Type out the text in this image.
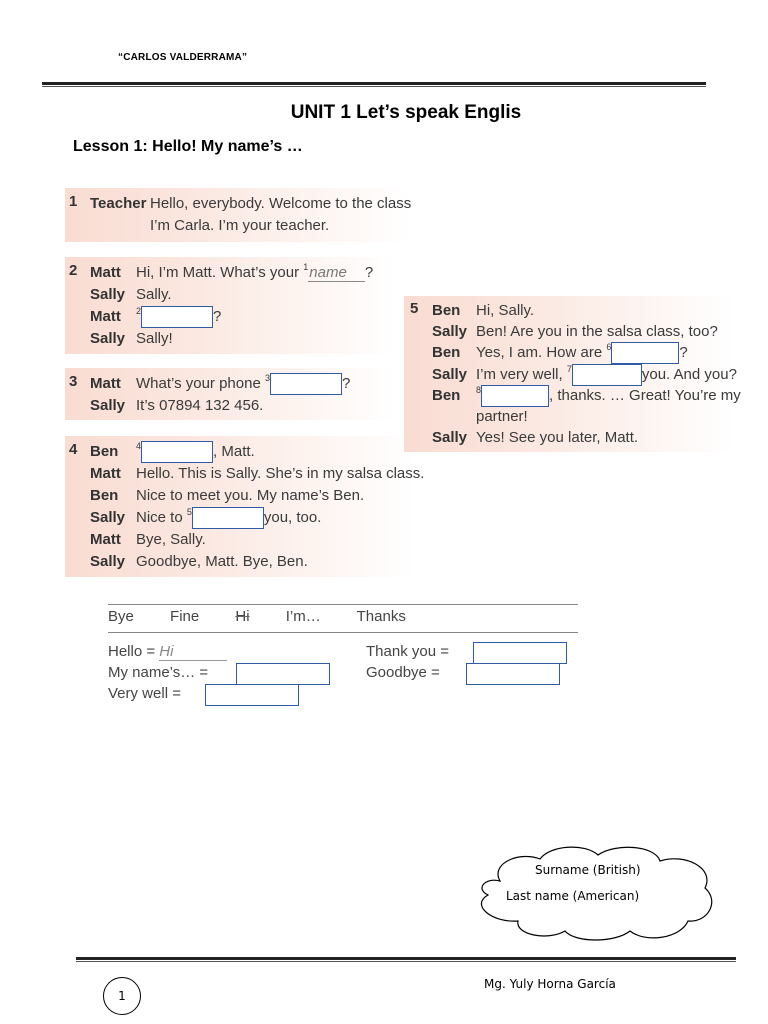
“CARLOS VALDERRAMA”
UNIT 1 Let’s speak Englis
Lesson 1: Hello! My name’s …
1 Teacher Hello, everybody. Welcome to the class
I’m Carla. I’m your teacher.
2 Matt Hi, I’m Matt. What’s your $^1$name ?
Sally Sally.
Matt $^2$	?
Sally Sally!
3 Matt What’s your phone $^3$	?
Sally It’s 07894 132 456.
4 Ben $^4$	, Matt.
Matt Hello. This is Sally. She’s in my salsa class.
Ben Nice to meet you. My name’s Ben.
Sally Nice to $^5$	you, too.
Matt Bye, Sally.
Sally Goodbye, Matt. Bye, Ben.
5 Ben Hi, Sally.
Sally Ben! Are you in the salsa class, too?
Ben Yes, I am. How are $^6$	?
Sally I’m very well, $^7$	you. And you?
Ben $^8$	, thanks. … Great! You’re my
partner!
Sally Yes! See you later, Matt.
Bye Fine Hi I’m… Thanks
Hello = Hi
My name’s… =
Very well =
Thank you =
Goodbye =
Surname (British)
Last name (American)
Mg. Yuly Horna García
1
